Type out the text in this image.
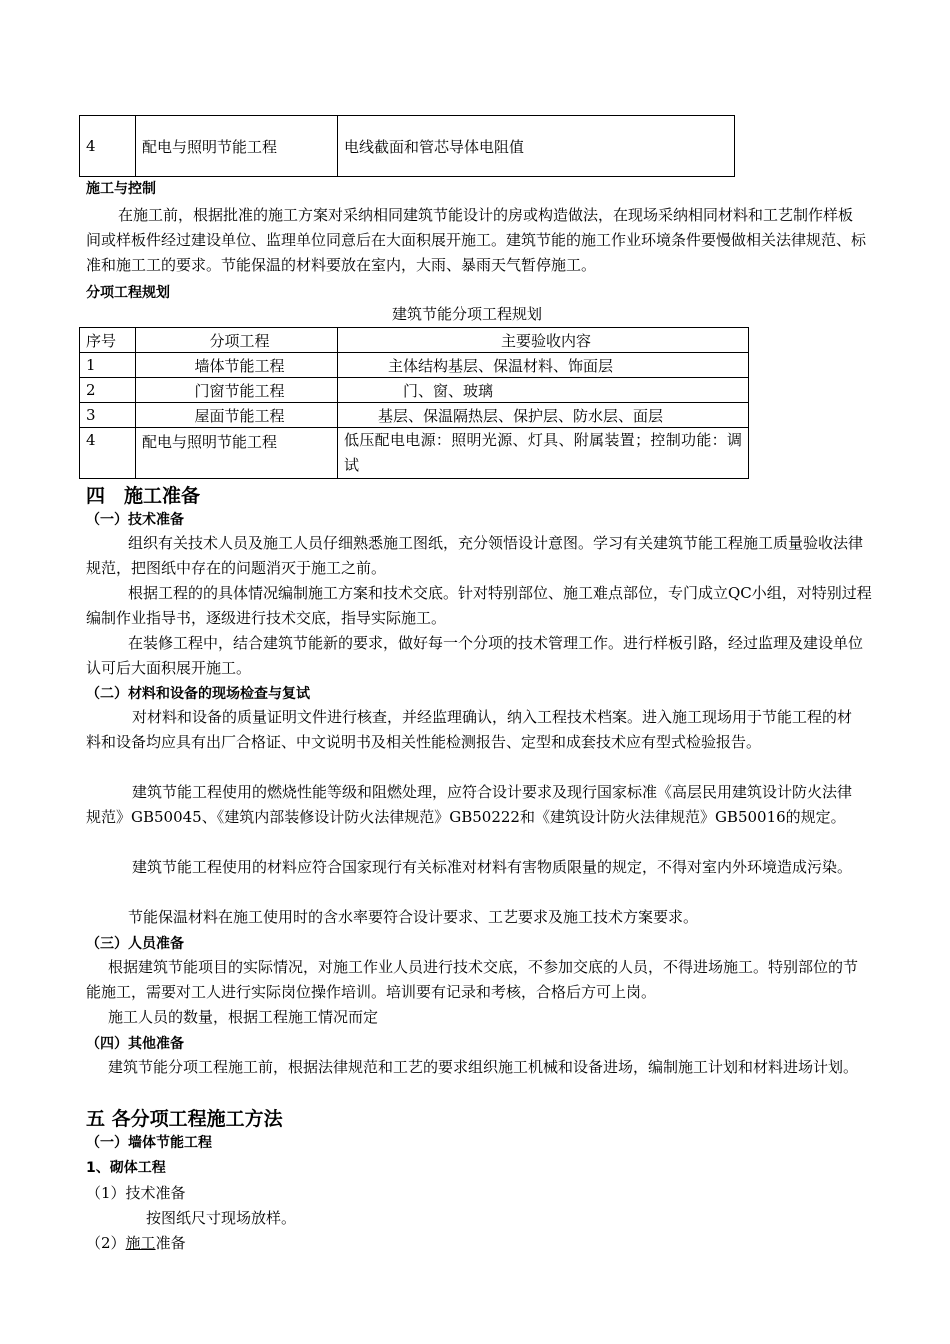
4	配电与照明节能工程	电线截面和管芯导体电阻值
施工与控制
在施工前，根据批准的施工方案对采纳相同建筑节能设计的房或构造做法，在现场采纳相同材料和工艺制作样板间或样板件经过建设单位、监理单位同意后在大面积展开施工。建筑节能的施工作业环境条件要慢做相关法律规范、标准和施工工的要求。节能保温的材料要放在室内，大雨、暴雨天气暂停施工。
分项工程规划
建筑节能分项工程规划
序号	分项工程	主要验收内容
1	墙体节能工程	主体结构基层、保温材料、饰面层
2	门窗节能工程	门、窗、玻璃
3	屋面节能工程	基层、保温隔热层、保护层、防水层、面层
4	配电与照明节能工程	低压配电电源：照明光源、灯具、附属装置；控制功能：调试
四　施工准备
（一）技术准备
组织有关技术人员及施工人员仔细熟悉施工图纸，充分领悟设计意图。学习有关建筑节能工程施工质量验收法律规范，把图纸中存在的问题消灭于施工之前。
根据工程的的具体情况编制施工方案和技术交底。针对特别部位、施工难点部位，专门成立QC小组，对特别过程编制作业指导书，逐级进行技术交底，指导实际施工。
在装修工程中，结合建筑节能新的要求，做好每一个分项的技术管理工作。进行样板引路，经过监理及建设单位认可后大面积展开施工。
（二）材料和设备的现场检查与复试
对材料和设备的质量证明文件进行核查，并经监理确认，纳入工程技术档案。进入施工现场用于节能工程的材料和设备均应具有出厂合格证、中文说明书及相关性能检测报告、定型和成套技术应有型式检验报告。
建筑节能工程使用的燃烧性能等级和阻燃处理，应符合设计要求及现行国家标准《高层民用建筑设计防火法律规范》GB50045、《建筑内部装修设计防火法律规范》GB50222和《建筑设计防火法律规范》GB50016的规定。
建筑节能工程使用的材料应符合国家现行有关标准对材料有害物质限量的规定，不得对室内外环境造成污染。
节能保温材料在施工使用时的含水率要符合设计要求、工艺要求及施工技术方案要求。
（三）人员准备
根据建筑节能项目的实际情况，对施工作业人员进行技术交底，不参加交底的人员，不得进场施工。特别部位的节能施工，需要对工人进行实际岗位操作培训。培训要有记录和考核，合格后方可上岗。
施工人员的数量，根据工程施工情况而定
（四）其他准备
建筑节能分项工程施工前，根据法律规范和工艺的要求组织施工机械和设备进场，编制施工计划和材料进场计划。
五 各分项工程施工方法
（一）墙体节能工程
1、砌体工程
（1）技术准备
按图纸尺寸现场放样。
（2）施工准备
